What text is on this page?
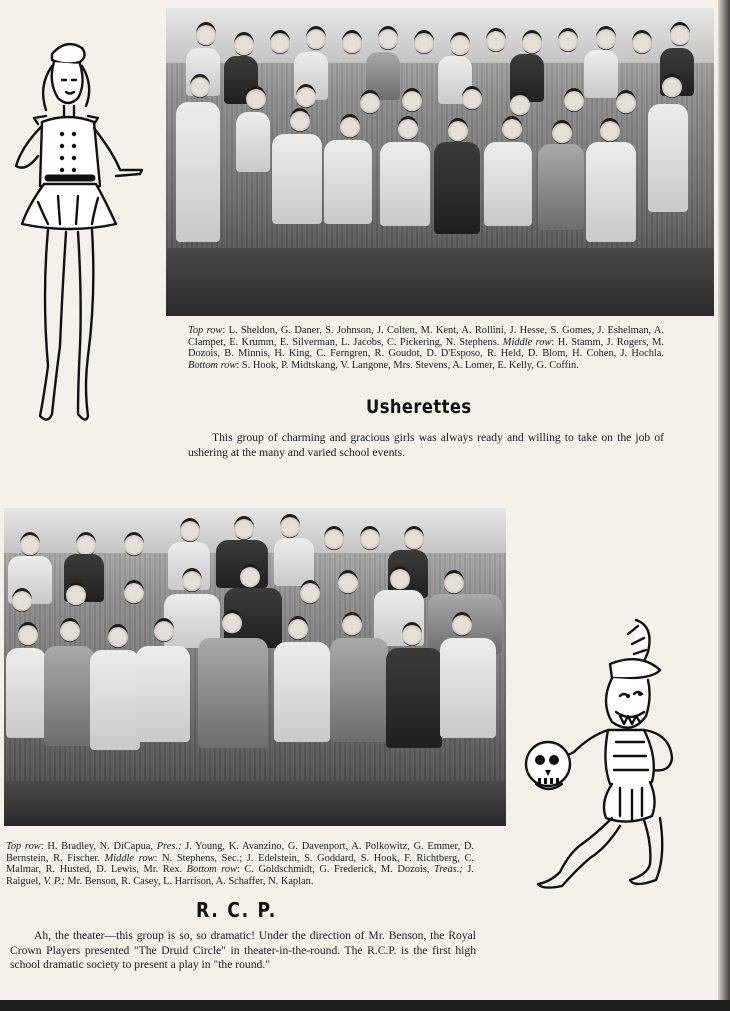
Top row: L. Sheldon, G. Daner, S. Johnson, J. Colten, M. Kent, A. Rollini, J. Hesse, S. Gomes, J. Eshelman, A. Clampet, E. Krumm, E. Silverman, L. Jacobs, C. Pickering, N. Stephens. Middle row: H. Stamm, J. Rogers, M. Dozois, B. Minnis, H. King, C. Ferngren, R. Goudot, D. D'Esposo, R. Held, D. Blom, H. Cohen, J. Hochla. Bottom row: S. Hook, P. Midtskang, V. Langone, Mrs. Stevens, A. Lomer, E. Kelly, G. Coffin.
Usherettes
This group of charming and gracious girls was always ready and willing to take on the job of ushering at the many and varied school events.
Top row: H. Bradley, N. DiCapua, Pres.; J. Young, K. Avanzino, G. Davenport, A. Polkowitz, G. Emmer, D. Bernstein, R. Fischer. Middle row: N. Stephens, Sec.; J. Edelstein, S. Goddard, S. Hook, F. Richtberg, C. Malmar, R. Husted, D. Lewis, Mr. Rex. Bottom row: C. Goldschmidt, G. Frederick, M. Dozois, Treas.; J. Raiguel, V. P.; Mr. Benson, R. Casey, L. Harrison, A. Schaffer, N. Kaplan.
R. C. P.
Ah, the theater—this group is so, so dramatic! Under the direction of Mr. Benson, the Royal Crown Players presented "The Druid Circle" in theater-in-the-round. The R.C.P. is the first high school dramatic society to present a play in "the round."
